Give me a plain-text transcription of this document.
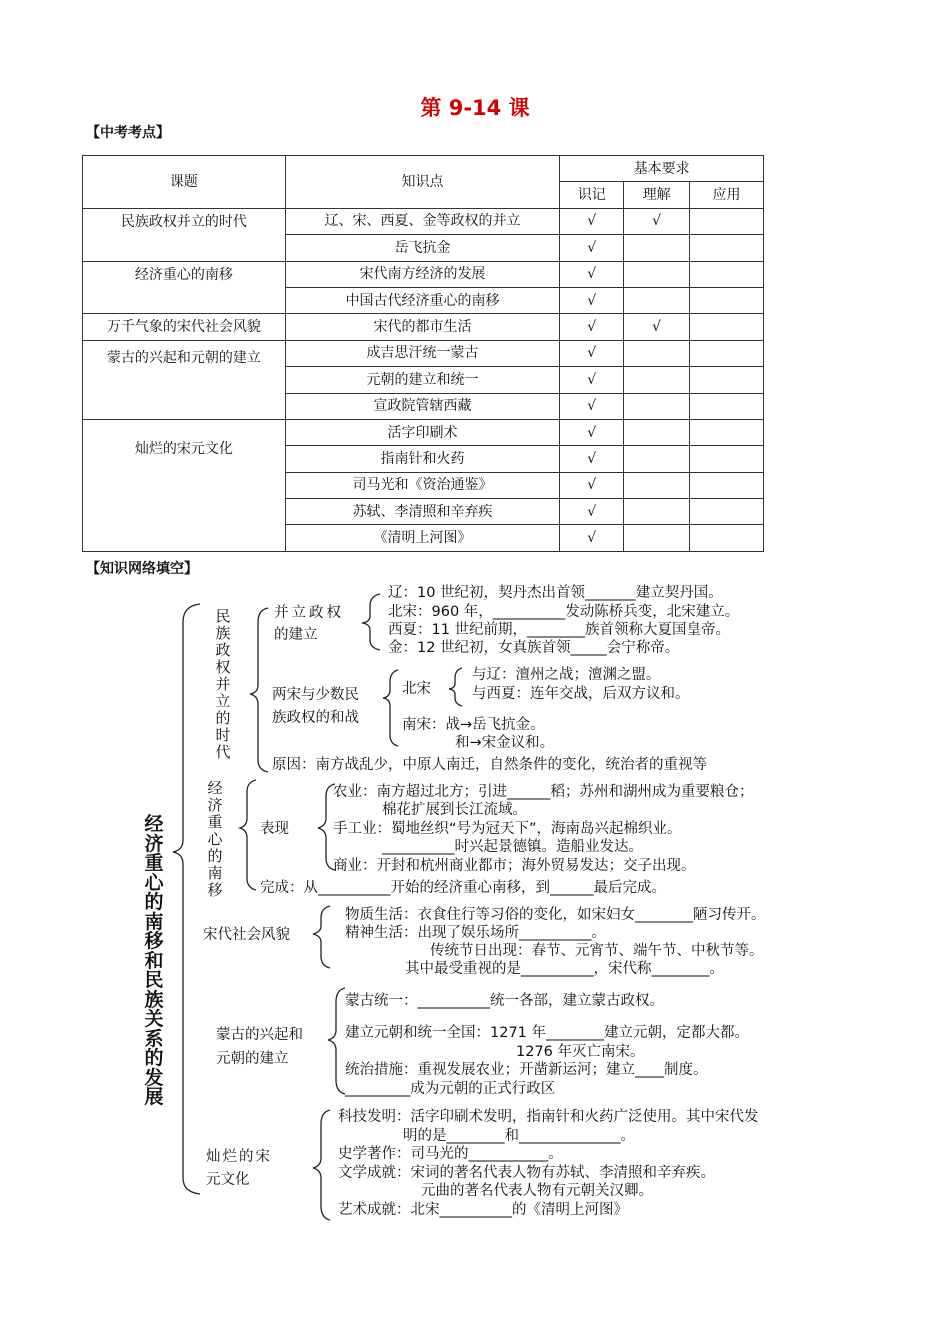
第 9-14 课
【中考考点】
课题	知识点	基本要求		
		识记	理解	应用
民族政权并立的时代	辽、宋、西夏、金等政权的并立	√	√	
	岳飞抗金	√		
经济重心的南移	宋代南方经济的发展	√		
	中国古代经济重心的南移	√		
万千气象的宋代社会风貌	宋代的都市生活	√	√	
蒙古的兴起和元朝的建立	成吉思汗统一蒙古	√		
	元朝的建立和统一	√		
	宣政院管辖西藏	√		
灿烂的宋元文化	活字印刷术	√		
	指南针和火药	√		
	司马光和《资治通鉴》	√		
	苏轼、李清照和辛弃疾	√		
	《清明上河图》	√		
【知识网络填空】
经济重心的南移和民族关系的发展
民族政权并立的时代
并立政权
的建立
辽：10 世纪初，契丹杰出首领_______建立契丹国。
北宋：960 年，__________发动陈桥兵变，北宋建立。
西夏：11 世纪前期，________族首领称大夏国皇帝。
金：12 世纪初，女真族首领_____会宁称帝。
两宋与少数民
族政权的和战
北宋
与辽：澶州之战；澶渊之盟。
与西夏：连年交战，后双方议和。
南宋：战→岳飞抗金。
和→宋金议和。
原因：南方战乱少，中原人南迁，自然条件的变化，统治者的重视等
经济重心的南移
表现
农业：南方超过北方；引进______稻；苏州和湖州成为重要粮仓；
棉花扩展到长江流域。
手工业：蜀地丝织“号为冠天下”，海南岛兴起棉织业。
__________时兴起景德镇。造船业发达。
商业：开封和杭州商业都市；海外贸易发达；交子出现。
完成：从__________开始的经济重心南移，到______最后完成。
宋代社会风貌
物质生活：衣食住行等习俗的变化，如宋妇女________陋习传开。
精神生活：出现了娱乐场所__________。
传统节日出现：春节、元宵节、端午节、中秋节等。
其中最受重视的是__________，宋代称________。
蒙古的兴起和
元朝的建立
蒙古统一：__________统一各部，建立蒙古政权。
建立元朝和统一全国：1271 年________建立元朝，定都大都。
1276 年灭亡南宋。
统治措施：重视发展农业；开凿新运河；建立____制度。
_________成为元朝的正式行政区
灿烂的宋
元文化
科技发明：活字印刷术发明，指南针和火药广泛使用。其中宋代发
明的是________和______________。
史学著作：司马光的___________。
文学成就：宋词的著名代表人物有苏轼、李清照和辛弃疾。
元曲的著名代表人物有元朝关汉卿。
艺术成就：北宋__________的《清明上河图》
